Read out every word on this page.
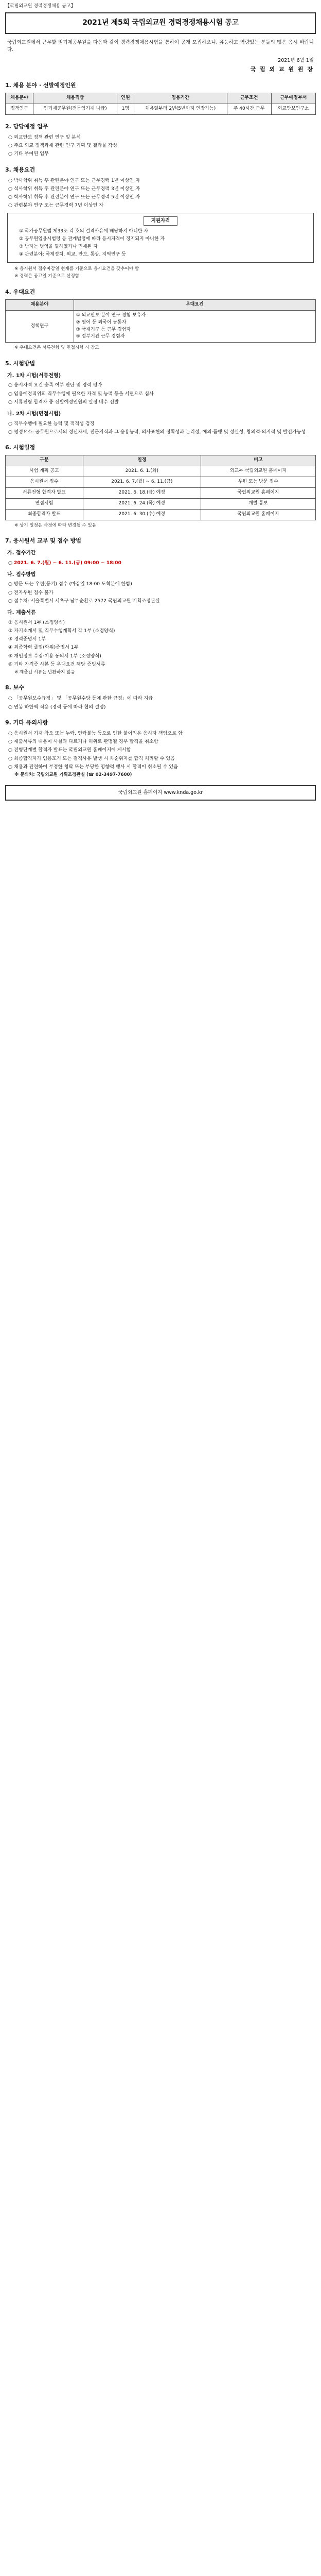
【국립외교원 경력경쟁채용 공고】
2021년 제5회 국립외교원 경력경쟁채용시험 공고

국립외교원에서 근무할 임기제공무원을 다음과 같이 경력경쟁채용시험을 통하여 공개 모집하오니, 유능하고 역량있는 분들의 많은 응시 바랍니다.

2021년 6월 1일
국 립 외 교 원 원 장
1. 채용 분야 · 선발예정인원
채용분야	채용직급	인원	임용기간	근무조건	근무예정부서
정책연구	임기제공무원(전문임기제 나급)	1명	채용일부터 2년(5년까지 연장가능)	주 40시간 근무	외교안보연구소
2. 담당예정 업무
○ 외교안보 정책 관련 연구 및 분석
○ 주요 외교 정책과제 관련 연구 기획 및 결과물 작성
○ 기타 부여된 업무
3. 채용요건
○ 박사학위 취득 후 관련분야 연구 또는 근무경력 1년 이상인 자
○ 석사학위 취득 후 관련분야 연구 또는 근무경력 3년 이상인 자
○ 학사학위 취득 후 관련분야 연구 또는 근무경력 5년 이상인 자
○ 관련분야 연구 또는 근무경력 7년 이상인 자
지원자격
① 국가공무원법 제33조 각 호의 결격사유에 해당하지 아니한 자
② 공무원임용시험령 등 관계법령에 따라 응시자격이 정지되지 아니한 자
③ 남자는 병역을 필하였거나 면제된 자
④ 관련분야: 국제정치, 외교, 안보, 통상, 지역연구 등
※ 응시원서 접수마감일 현재를 기준으로 응시요건을 갖추어야 함
※ 경력은 공고일 기준으로 산정함
4. 우대요건
채용분야	우대요건
정책연구	① 외교안보 분야 연구 경험 보유자
② 영어 등 외국어 능통자
③ 국제기구 등 근무 경험자
④ 정부기관 근무 경험자
※ 우대요건은 서류전형 및 면접시험 시 참고
5. 시험방법
가. 1차 시험(서류전형)
○ 응시자격 요건 충족 여부 판단 및 경력 평가
○ 임용예정직위의 직무수행에 필요한 자격 및 능력 등을 서면으로 심사
○ 서류전형 합격자 중 선발예정인원의 일정 배수 선발
나. 2차 시험(면접시험)
○ 직무수행에 필요한 능력 및 적격성 검정
○ 평정요소: 공무원으로서의 정신자세, 전문지식과 그 응용능력, 의사표현의 정확성과 논리성, 예의·품행 및 성실성, 창의력·의지력 및 발전가능성
6. 시험일정
구분	일정	비고
시험 계획 공고	2021. 6. 1.(화)	외교부·국립외교원 홈페이지
응시원서 접수	2021. 6. 7.(월) ~ 6. 11.(금)	우편 또는 방문 접수
서류전형 합격자 발표	2021. 6. 18.(금) 예정	국립외교원 홈페이지
면접시험	2021. 6. 24.(목) 예정	개별 통보
최종합격자 발표	2021. 6. 30.(수) 예정	국립외교원 홈페이지
※ 상기 일정은 사정에 따라 변경될 수 있음
7. 응시원서 교부 및 접수 방법
가. 접수기간
○ 2021. 6. 7.(월) ~ 6. 11.(금) 09:00 ~ 18:00
나. 접수방법
○ 방문 또는 우편(등기) 접수 (마감일 18:00 도착분에 한함)
○ 전자우편 접수 불가
○ 접수처: 서울특별시 서초구 남부순환로 2572 국립외교원 기획조정관실
다. 제출서류
① 응시원서 1부 (소정양식)
② 자기소개서 및 직무수행계획서 각 1부 (소정양식)
③ 경력증명서 1부
④ 최종학력 졸업(학위)증명서 1부
⑤ 개인정보 수집·이용 동의서 1부 (소정양식)
⑥ 기타 자격증 사본 등 우대요건 해당 증빙서류
※ 제출된 서류는 반환하지 않음
8. 보수
○ 「공무원보수규정」 및 「공무원수당 등에 관한 규정」에 따라 지급
○ 연봉 하한액 적용 (경력 등에 따라 협의 결정)
9. 기타 유의사항
○ 응시원서 기재 착오 또는 누락, 연락불능 등으로 인한 불이익은 응시자 책임으로 함
○ 제출서류의 내용이 사실과 다르거나 허위로 판명될 경우 합격을 취소함
○ 전형단계별 합격자 발표는 국립외교원 홈페이지에 게시함
○ 최종합격자가 임용포기 또는 결격사유 발생 시 차순위자를 합격 처리할 수 있음
○ 채용과 관련하여 부정한 청탁 또는 부당한 영향력 행사 시 합격이 취소될 수 있음
※ 문의처: 국립외교원 기획조정관실 (☎ 02-3497-7600)
국립외교원 홈페이지 www.knda.go.kr
